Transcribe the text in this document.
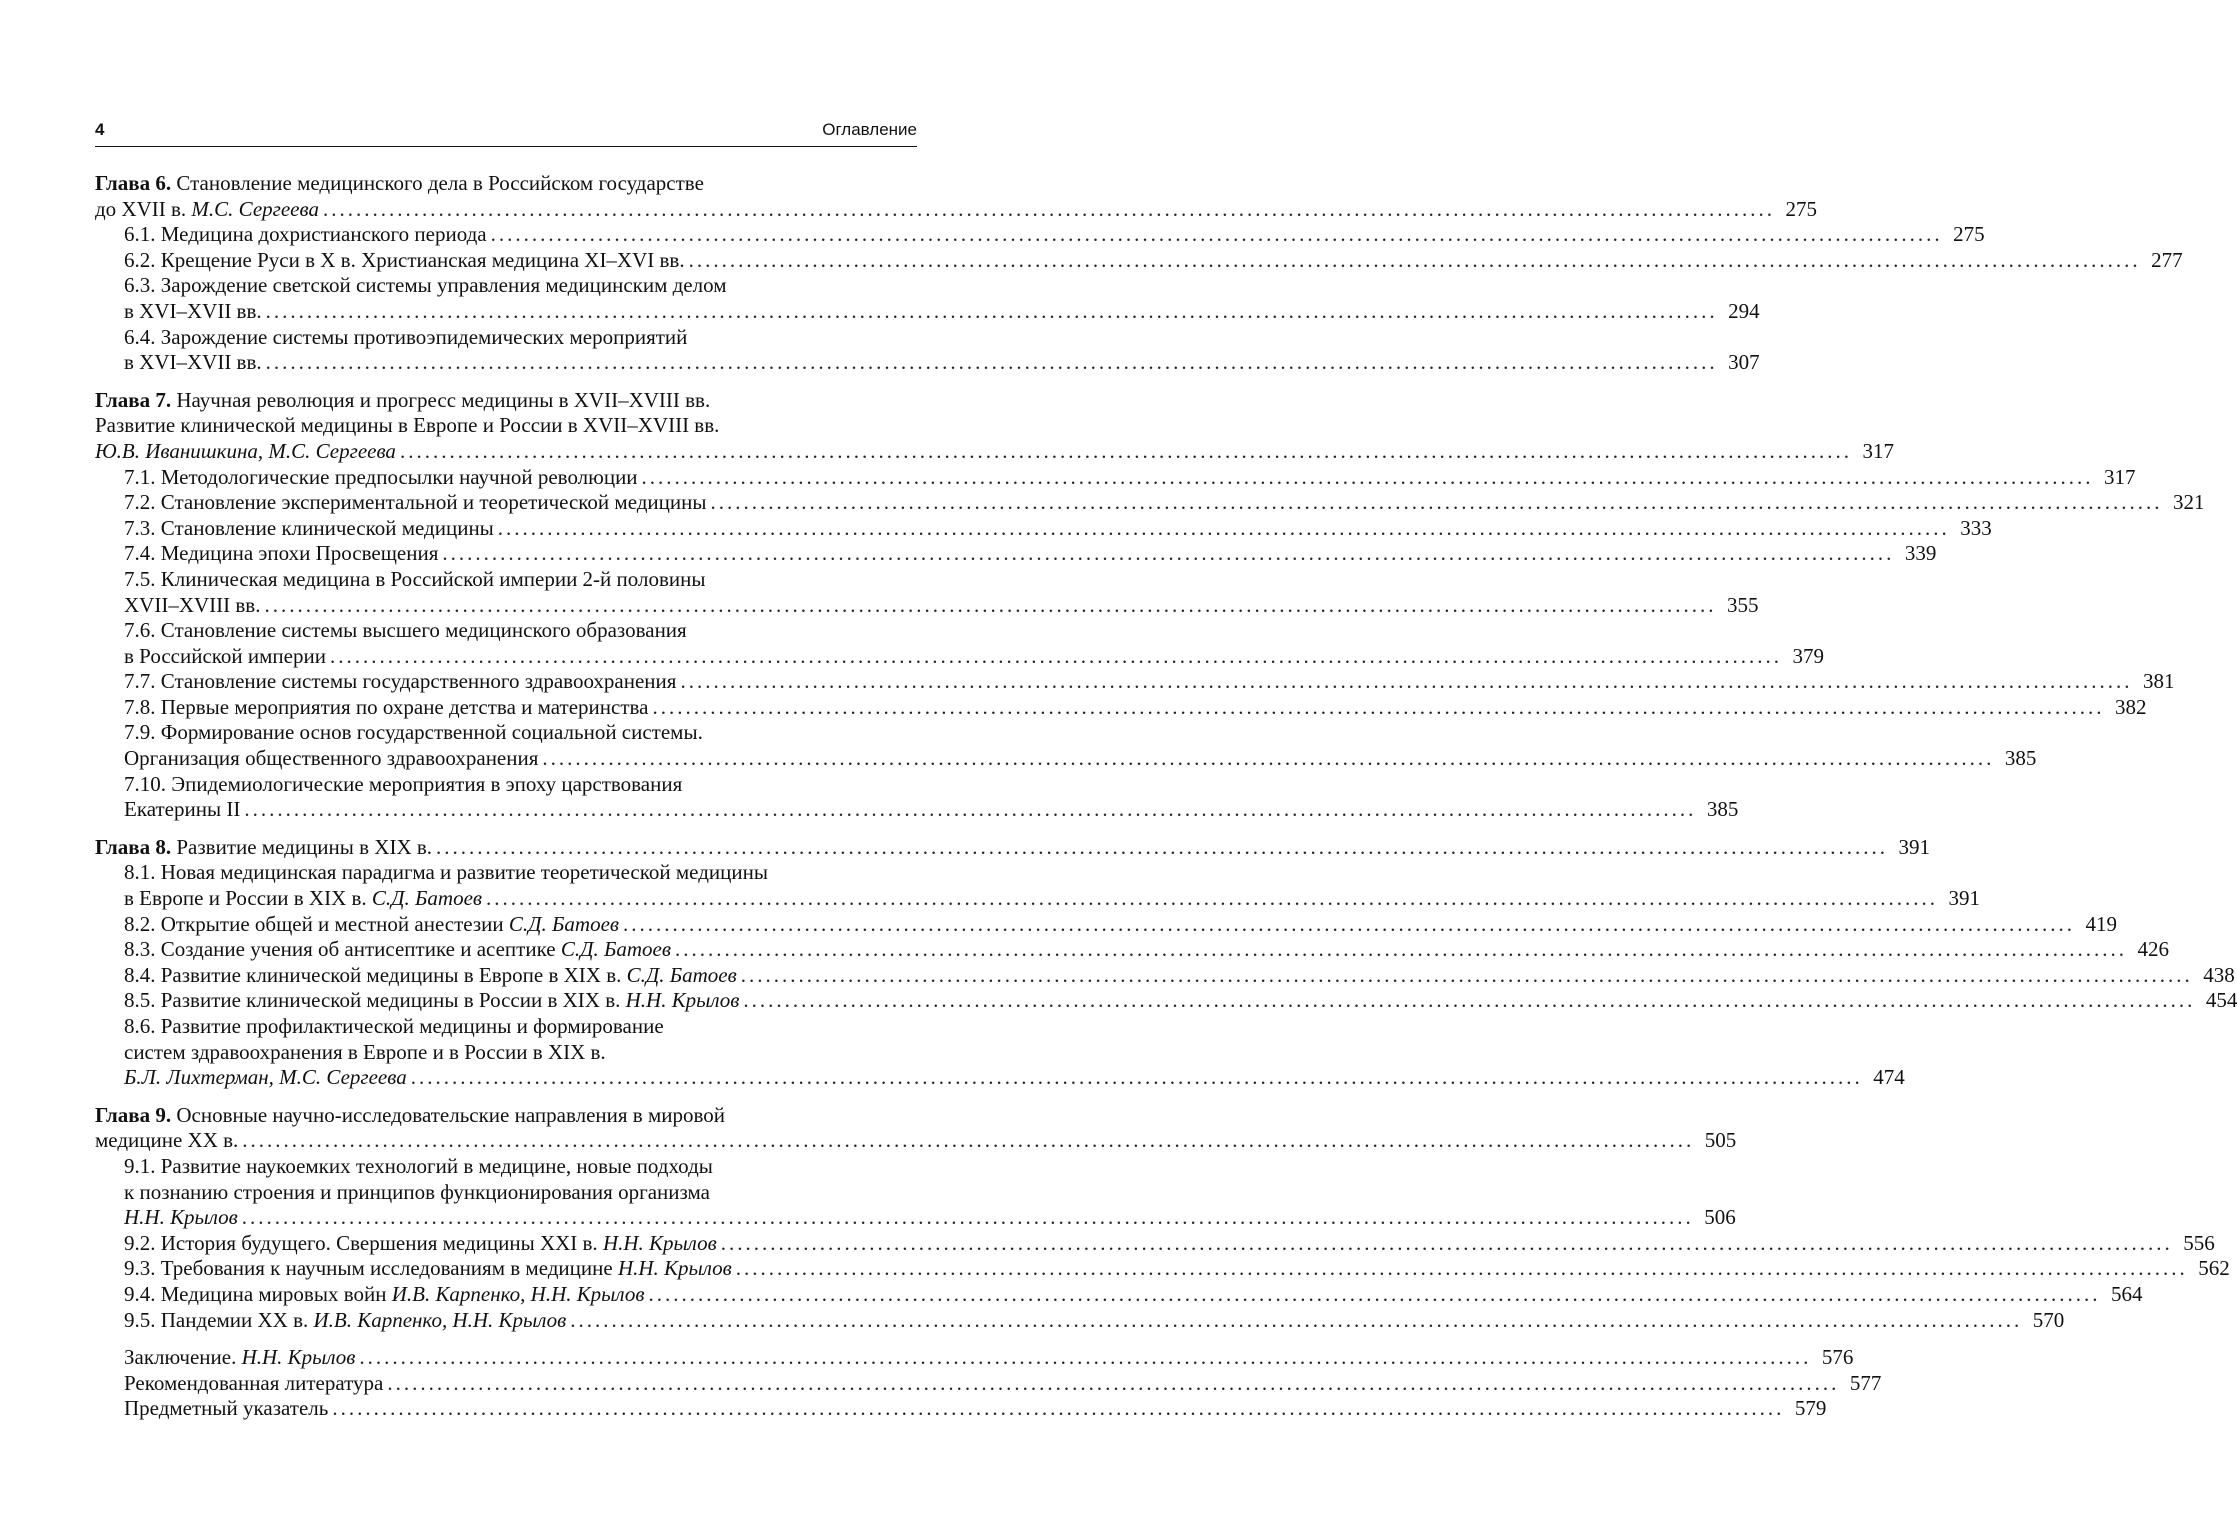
4	Оглавление
Глава 6. Становление медицинского дела в Российском государстве
до XVII в. М.С. Сергеева ................................................................................................................................................................................ 275
6.1. Медицина дохристианского периода ................................................................................................................................................................................ 275
6.2. Крещение Руси в X в. Христианская медицина XI–XVI вв. ................................................................................................................................................................................ 277
6.3. Зарождение светской системы управления медицинским делом
в XVI–XVII вв. ................................................................................................................................................................................ 294
6.4. Зарождение системы противоэпидемических мероприятий
в XVI–XVII вв. ................................................................................................................................................................................ 307
Глава 7. Научная революция и прогресс медицины в XVII–XVIII вв.
Развитие клинической медицины в Европе и России в XVII–XVIII вв.
Ю.В. Иванишкина, М.С. Сергеева ................................................................................................................................................................................ 317
7.1. Методологические предпосылки научной революции ................................................................................................................................................................................ 317
7.2. Становление экспериментальной и теоретической медицины ................................................................................................................................................................................ 321
7.3. Становление клинической медицины ................................................................................................................................................................................ 333
7.4. Медицина эпохи Просвещения ................................................................................................................................................................................ 339
7.5. Клиническая медицина в Российской империи 2-й половины
XVII–XVIII вв. ................................................................................................................................................................................ 355
7.6. Становление системы высшего медицинского образования
в Российской империи ................................................................................................................................................................................ 379
7.7. Становление системы государственного здравоохранения ................................................................................................................................................................................ 381
7.8. Первые мероприятия по охране детства и материнства ................................................................................................................................................................................ 382
7.9. Формирование основ государственной социальной системы.
Организация общественного здравоохранения ................................................................................................................................................................................ 385
7.10. Эпидемиологические мероприятия в эпоху царствования
Екатерины II ................................................................................................................................................................................ 385
Глава 8. Развитие медицины в XIX в. ................................................................................................................................................................................ 391
8.1. Новая медицинская парадигма и развитие теоретической медицины
в Европе и России в XIX в. С.Д. Батоев ................................................................................................................................................................................ 391
8.2. Открытие общей и местной анестезии С.Д. Батоев ................................................................................................................................................................................ 419
8.3. Создание учения об антисептике и асептике С.Д. Батоев ................................................................................................................................................................................ 426
8.4. Развитие клинической медицины в Европе в XIX в. С.Д. Батоев ................................................................................................................................................................................ 438
8.5. Развитие клинической медицины в России в XIX в. Н.Н. Крылов ................................................................................................................................................................................ 454
8.6. Развитие профилактической медицины и формирование
систем здравоохранения в Европе и в России в XIX в.
Б.Л. Лихтерман, М.С. Сергеева ................................................................................................................................................................................ 474
Глава 9. Основные научно-исследовательские направления в мировой
медицине XX в. ................................................................................................................................................................................ 505
9.1. Развитие наукоемких технологий в медицине, новые подходы
к познанию строения и принципов функционирования организма
Н.Н. Крылов ................................................................................................................................................................................ 506
9.2. История будущего. Свершения медицины XXI в. Н.Н. Крылов ................................................................................................................................................................................ 556
9.3. Требования к научным исследованиям в медицине Н.Н. Крылов ................................................................................................................................................................................ 562
9.4. Медицина мировых войн И.В. Карпенко, Н.Н. Крылов ................................................................................................................................................................................ 564
9.5. Пандемии XX в. И.В. Карпенко, Н.Н. Крылов ................................................................................................................................................................................ 570
Заключение. Н.Н. Крылов ................................................................................................................................................................................ 576
Рекомендованная литература ................................................................................................................................................................................ 577
Предметный указатель ................................................................................................................................................................................ 579
